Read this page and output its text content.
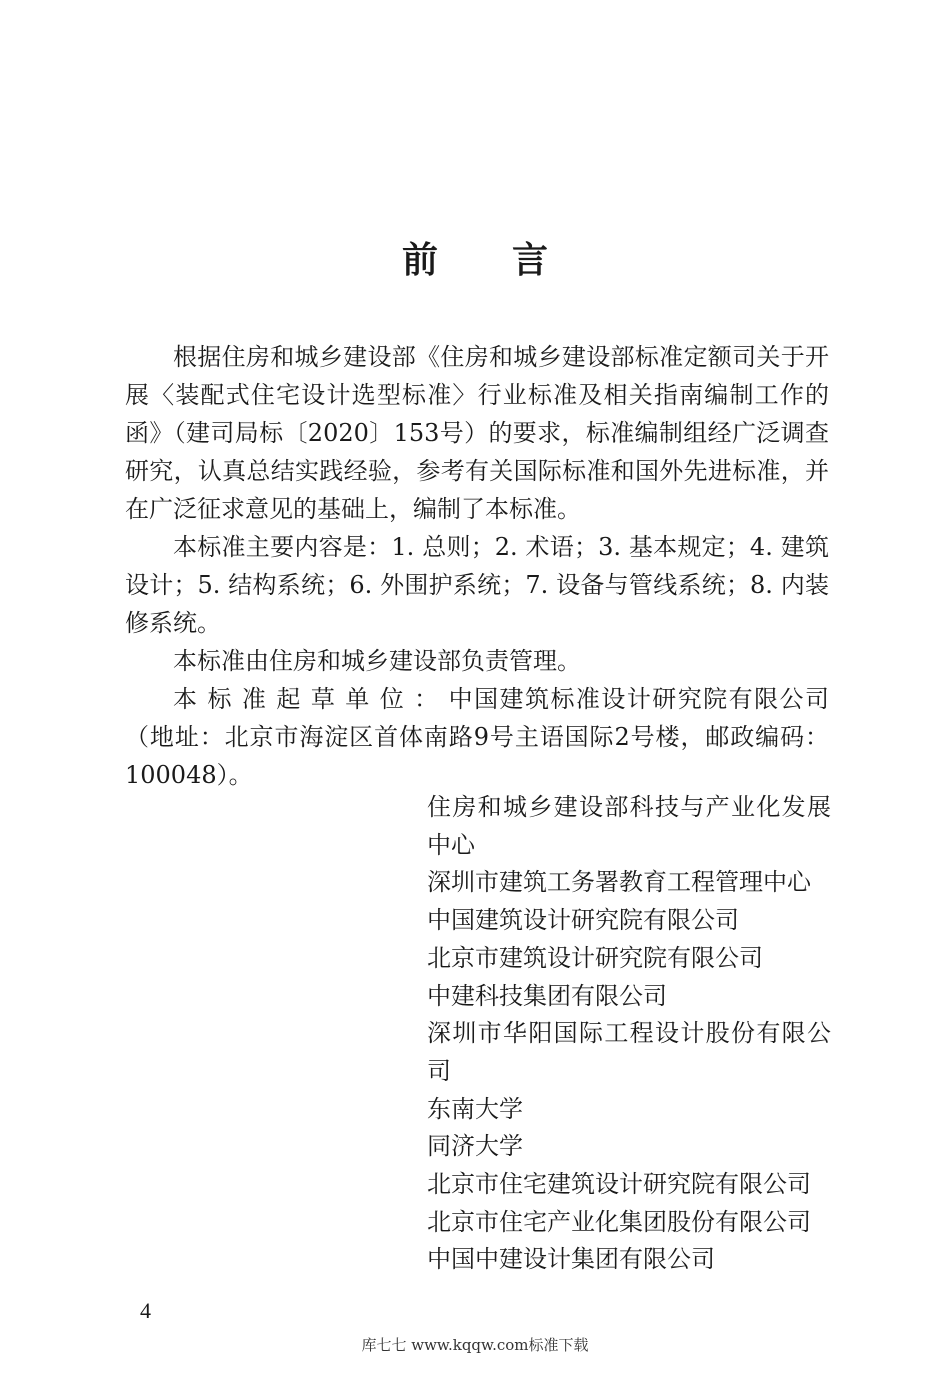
前 言

根据住房和城乡建设部《住房和城乡建设部标准定额司关于开展〈装配式住宅设计选型标准〉行业标准及相关指南编制工作的函》（建司局标〔2020〕153号）的要求，标准编制组经广泛调查研究，认真总结实践经验，参考有关国际标准和国外先进标准，并在广泛征求意见的基础上，编制了本标准。

本标准主要内容是：1. 总则；2. 术语；3. 基本规定；4. 建筑设计；5. 结构系统；6. 外围护系统；7. 设备与管线系统；8. 内装修系统。

本标准由住房和城乡建设部负责管理。

本标准起草单位：中国建筑标准设计研究院有限公司（地址：北京市海淀区首体南路9号主语国际2号楼，邮政编码：100048）。

住房和城乡建设部科技与产业化发展中心
深圳市建筑工务署教育工程管理中心
中国建筑设计研究院有限公司
北京市建筑设计研究院有限公司
中建科技集团有限公司
深圳市华阳国际工程设计股份有限公司
东南大学
同济大学
北京市住宅建筑设计研究院有限公司
北京市住宅产业化集团股份有限公司
中国中建设计集团有限公司
4
库七七 www.kqqw.com标准下载
